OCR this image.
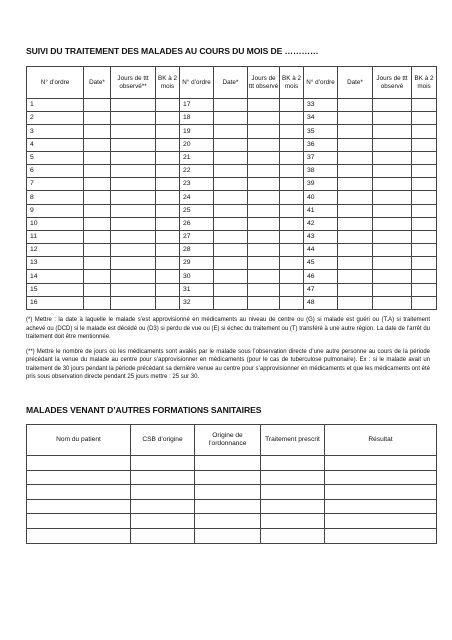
SUIVI DU TRAITEMENT DES MALADES AU COURS DU MOIS DE …………
N° d’ordre	Date*	Jours de ttt observé**	BK à 2 mois	N° d’ordre	Date*	Jours de ttt observé	BK à 2 mois	N° d’ordre	Date*	Jours de ttt observé	BK à 2 mois
1				17				33			
2				18				34			
3				19				35			
4				20				36			
5				21				37			
6				22				38			
7				23				39			
8				24				40			
9				25				41			
10				26				42			
11				27				43			
12				28				44			
13				29				45			
14				30				46			
15				31				47			
16				32				48			

(*) Mettre : la date à laquelle le malade s’est approvisionné en médicaments au niveau de centre ou (G) si malade est guéri ou (T.A) si traitement achevé ou (DCD) si le malade est décédé ou (D3) si perdu de vue ou (E) si échec du traitement ou (T) transféré à une autre région. La date de l’arrêt du traitement doit être mentionnée.

(**) Mettre le nombre de jours où les médicaments sont avalés par le malade sous l’observation directe d’une autre personne au cours de la période précédant la venue du malade au centre pour s’approvisionner en médicaments (pour le cas de tuberculose pulmonaire). Ex : si le malade avait un traitement de 30 jours pendant la période précédant sa dernière venue au centre pour s’approvisionner en médicaments et que les médicaments ont été pris sous observation directe pendant 25 jours mettre : 25 sur 30.

MALADES VENANT D’AUTRES FORMATIONS SANITAIRES
Nom du patient	CSB d’origine	Origine de l’ordonnance	Traitement prescrit	Résultat
